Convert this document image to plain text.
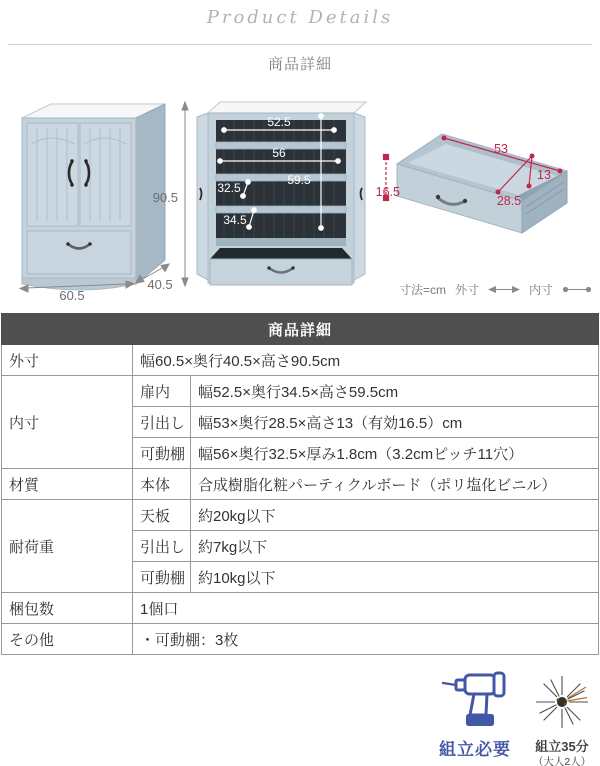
Product Details
商品詳細
90.5
60.5
40.5
52.5
56
59.5
32.5
34.5
53
28.5
13
16.5
寸法=cm 外寸	内寸
商品詳細		
外寸	幅60.5×奥行40.5×高さ90.5cm	
内寸	扉内	幅52.5×奥行34.5×高さ59.5cm
	引出し	幅53×奥行28.5×高さ13（有効16.5）cm
	可動棚	幅56×奥行32.5×厚み1.8cm（3.2cmピッチ11穴）
材質	本体	合成樹脂化粧パーティクルボード（ポリ塩化ビニル）
耐荷重	天板	約20kg以下
	引出し	約7kg以下
	可動棚	約10kg以下
梱包数	1個口	
その他	・可動棚：3枚	
組立必要	組立35分
（大人2人）
